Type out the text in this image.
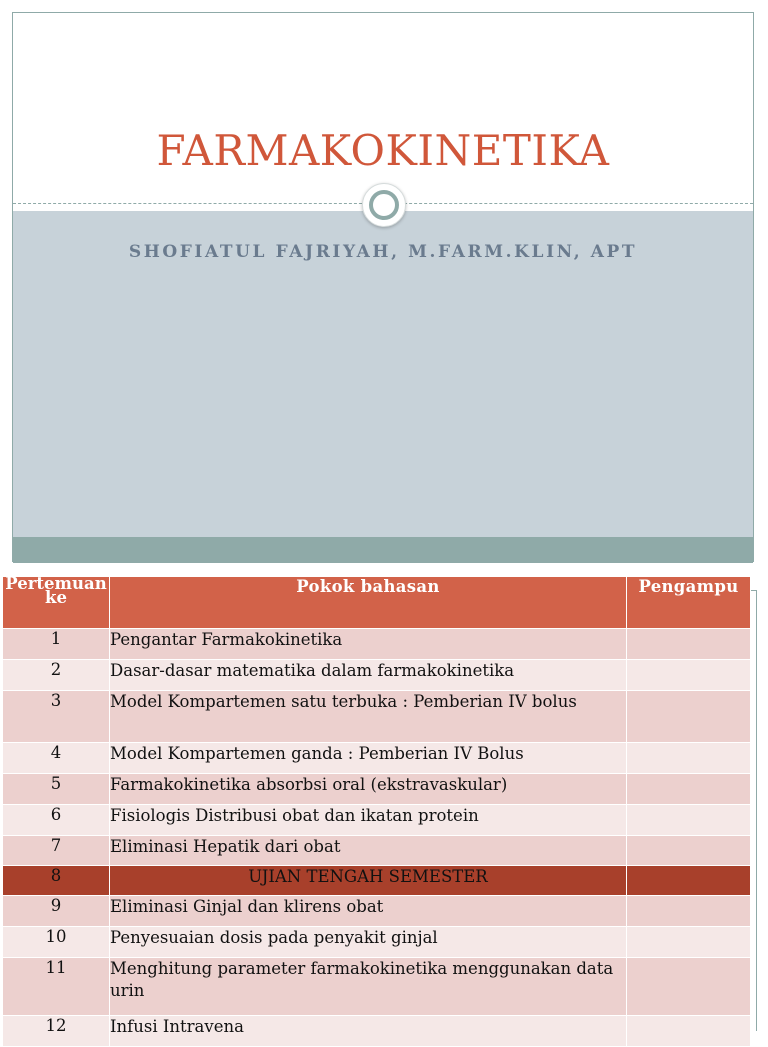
FARMAKOKINETIKA
SHOFIATUL FAJRIYAH, M.FARM.KLIN, APT
Pertemuan ke	Pokok bahasan	Pengampu
1	Pengantar Farmakokinetika	
2	Dasar-dasar matematika dalam farmakokinetika	
3	Model Kompartemen satu terbuka : Pemberian IV bolus	
4	Model Kompartemen ganda : Pemberian IV Bolus	
5	Farmakokinetika absorbsi oral (ekstravaskular)	
6	Fisiologis Distribusi obat dan ikatan protein	
7	Eliminasi Hepatik dari obat	
8	UJIAN TENGAH SEMESTER	
9	Eliminasi Ginjal dan klirens obat	
10	Penyesuaian dosis pada penyakit ginjal	
11	Menghitung parameter farmakokinetika menggunakan data urin	
12	Infusi Intravena	
